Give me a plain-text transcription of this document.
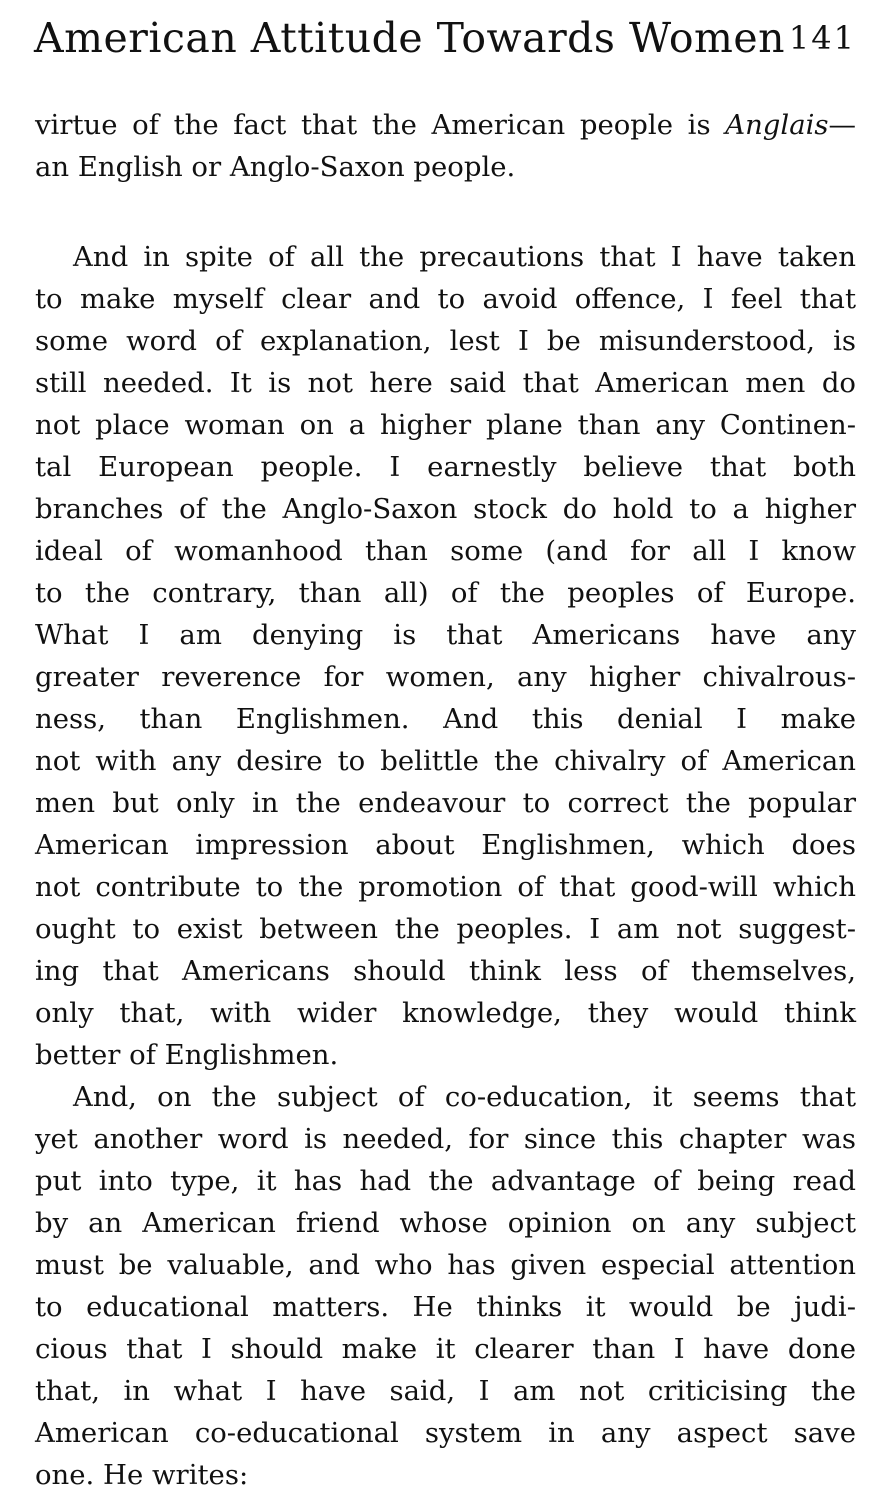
American Attitude Towards Women 141
virtue of the fact that the American people is Anglais—
an English or Anglo-Saxon people.
And in spite of all the precautions that I have taken
to make myself clear and to avoid offence, I feel that
some word of explanation, lest I be misunderstood, is
still needed. It is not here said that American men do
not place woman on a higher plane than any Continen-
tal European people. I earnestly believe that both
branches of the Anglo-Saxon stock do hold to a higher
ideal of womanhood than some (and for all I know
to the contrary, than all) of the peoples of Europe.
What I am denying is that Americans have any
greater reverence for women, any higher chivalrous-
ness, than Englishmen. And this denial I make
not with any desire to belittle the chivalry of American
men but only in the endeavour to correct the popular
American impression about Englishmen, which does
not contribute to the promotion of that good-will which
ought to exist between the peoples. I am not suggest-
ing that Americans should think less of themselves,
only that, with wider knowledge, they would think
better of Englishmen.
And, on the subject of co-education, it seems that
yet another word is needed, for since this chapter was
put into type, it has had the advantage of being read
by an American friend whose opinion on any subject
must be valuable, and who has given especial attention
to educational matters. He thinks it would be judi-
cious that I should make it clearer than I have done
that, in what I have said, I am not criticising the
American co-educational system in any aspect save
one. He writes:
